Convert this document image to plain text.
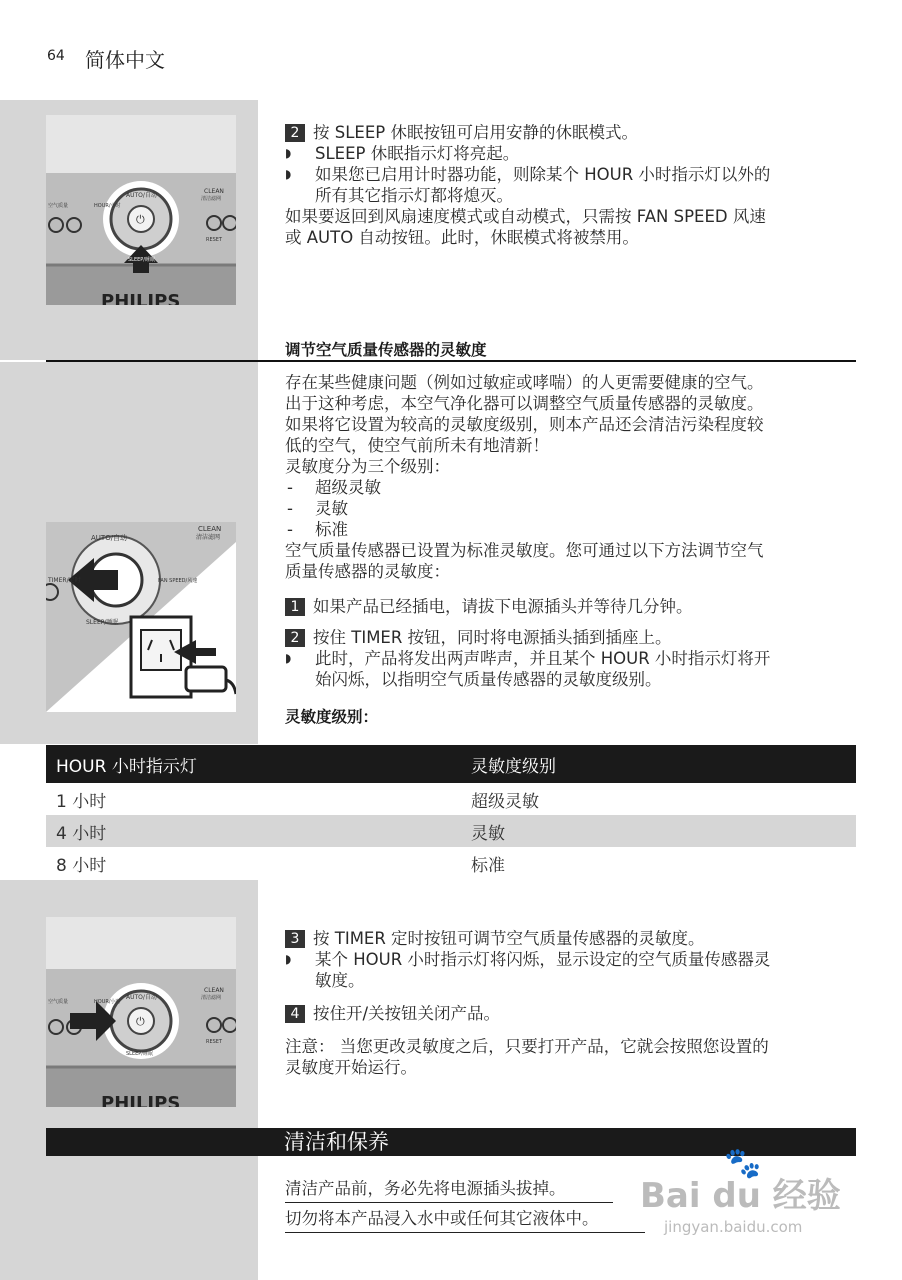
64 简体中文
⏻
AUTO/自动
CLEAN
清洁滤网
HOUR/小时
空气质量
RESET
SLEEP/睡眠
PHILIPS
2 按 SLEEP 休眠按钮可启用安静的休眠模式。
◗ SLEEP 休眠指示灯将亮起。
◗ 如果您已启用计时器功能，则除某个 HOUR 小时指示灯以外的
所有其它指示灯都将熄灭。
如果要返回到风扇速度模式或自动模式，只需按 FAN SPEED 风速
或 AUTO 自动按钮。此时，休眠模式将被禁用。
调节空气质量传感器的灵敏度
存在某些健康问题（例如过敏症或哮喘）的人更需要健康的空气。
出于这种考虑，本空气净化器可以调整空气质量传感器的灵敏度。
如果将它设置为较高的灵敏度级别，则本产品还会清洁污染程度较
低的空气，使空气前所未有地清新！
灵敏度分为三个级别：
- 超级灵敏
- 灵敏
- 标准
空气质量传感器已设置为标准灵敏度。您可通过以下方法调节空气
质量传感器的灵敏度：
AUTO/自动
CLEAN
清洁滤网
SLEEP/睡眠
TIMER/定时	FAN SPEED/风速
1 如果产品已经插电，请拔下电源插头并等待几分钟。
2 按住 TIMER 按钮，同时将电源插头插到插座上。
◗ 此时，产品将发出两声哔声，并且某个 HOUR 小时指示灯将开
始闪烁，以指明空气质量传感器的灵敏度级别。
灵敏度级别：
HOUR 小时指示灯	灵敏度级别
1 小时	超级灵敏
4 小时	灵敏
8 小时	标准
⏻
AUTO/自动
CLEAN
清洁滤网
HOUR/小时
空气质量
RESET
SLEEP/睡眠
PHILIPS
3 按 TIMER 定时按钮可调节空气质量传感器的灵敏度。
◗ 某个 HOUR 小时指示灯将闪烁，显示设定的空气质量传感器灵
敏度。
4 按住开/关按钮关闭产品。
注意： 当您更改灵敏度之后，只要打开产品，它就会按照您设置的
灵敏度开始运行。
清洁和保养
清洁产品前，务必先将电源插头拔掉。
切勿将本产品浸入水中或任何其它液体中。
🐾
Bai du 经验
jingyan.baidu.com
